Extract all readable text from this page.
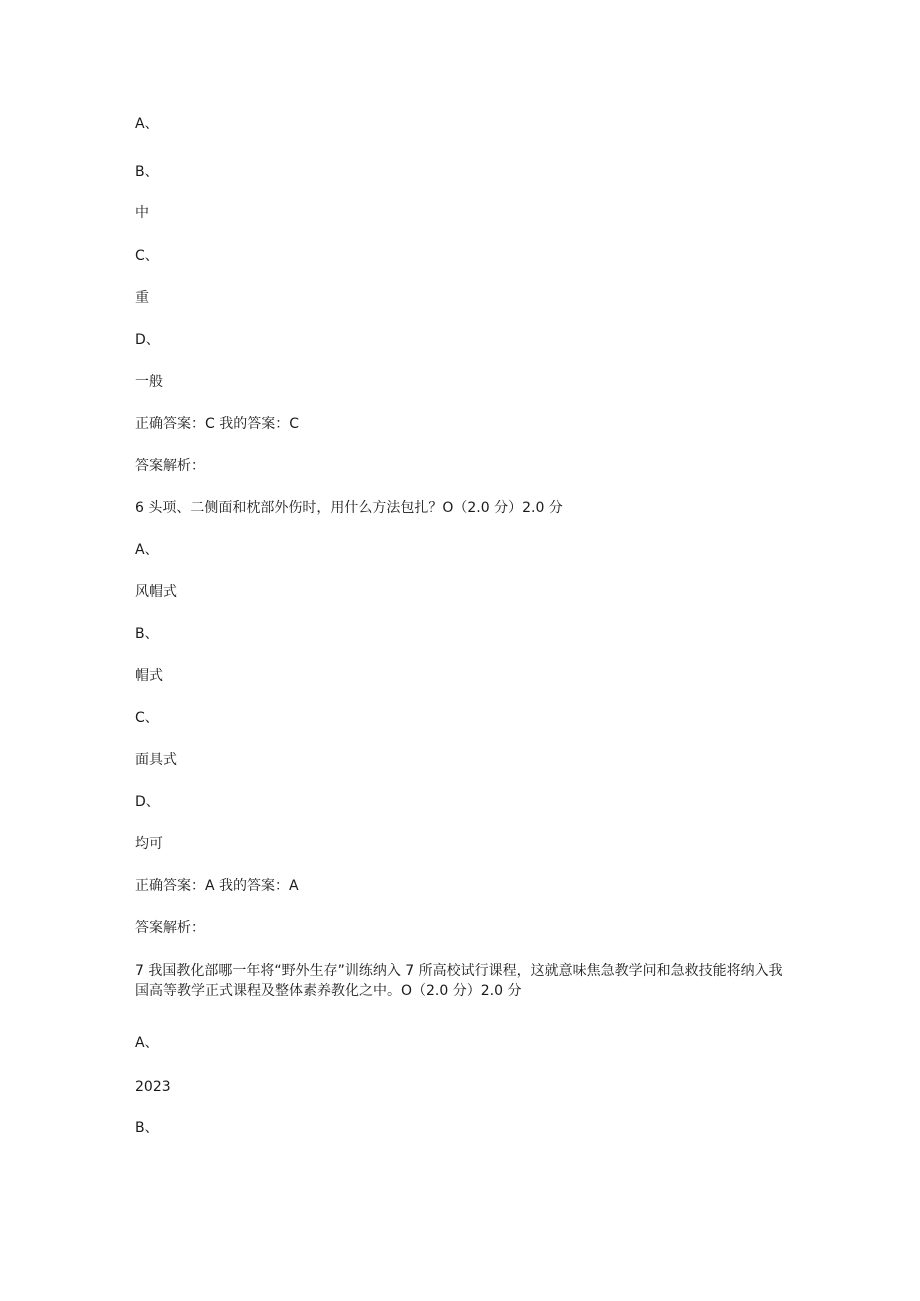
A、
B、
中
C、
重
D、
一般
正确答案：C 我的答案：C
答案解析：
6 头项、二侧面和枕部外伤时，用什么方法包扎？O（2.0 分）2.0 分
A、
风帽式
B、
帽式
C、
面具式
D、
均可
正确答案：A 我的答案：A
答案解析：
7 我国教化部哪一年将“野外生存”训练纳入 7 所高校试行课程，这就意味焦急教学问和急救技能将纳入我国高等教学正式课程及整体素养教化之中。O（2.0 分）2.0 分
A、
2023
B、
